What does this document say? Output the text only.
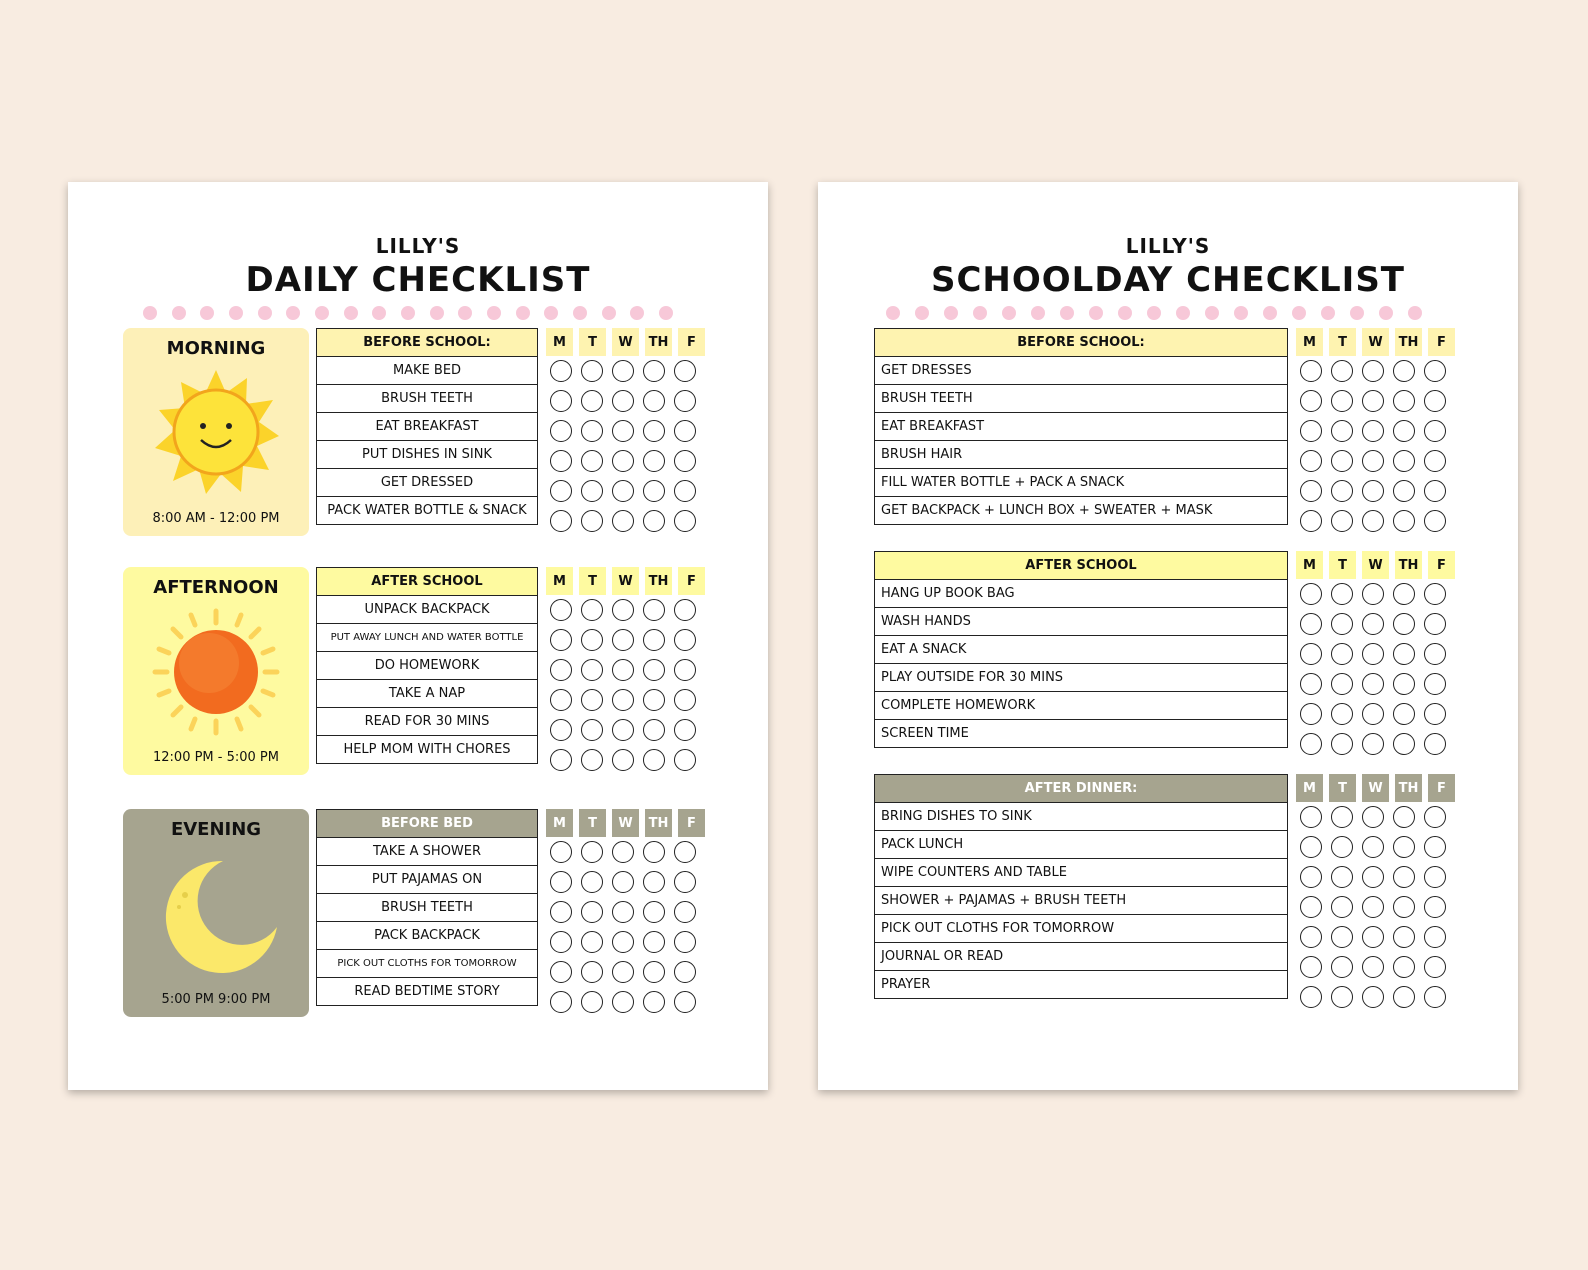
LILLY'S
DAILY CHECKLIST
MORNING
8:00 AM - 12:00 PM
BEFORE SCHOOL:
MAKE BED
BRUSH TEETH
EAT BREAKFAST
PUT DISHES IN SINK
GET DRESSED
PACK WATER BOTTLE & SNACK
M	T	W	TH	F
AFTERNOON
12:00 PM - 5:00 PM
AFTER SCHOOL
UNPACK BACKPACK
PUT AWAY LUNCH AND WATER BOTTLE
DO HOMEWORK
TAKE A NAP
READ FOR 30 MINS
HELP MOM WITH CHORES
M	T	W	TH	F
EVENING
5:00 PM 9:00 PM
BEFORE BED
TAKE A SHOWER
PUT PAJAMAS ON
BRUSH TEETH
PACK BACKPACK
PICK OUT CLOTHS FOR TOMORROW
READ BEDTIME STORY
M	T	W	TH	F
LILLY'S
SCHOOLDAY CHECKLIST
BEFORE SCHOOL:
GET DRESSES
BRUSH TEETH
EAT BREAKFAST
BRUSH HAIR
FILL WATER BOTTLE + PACK A SNACK
GET BACKPACK + LUNCH BOX + SWEATER + MASK
M	T	W	TH	F
AFTER SCHOOL
HANG UP BOOK BAG
WASH HANDS
EAT A SNACK
PLAY OUTSIDE FOR 30 MINS
COMPLETE HOMEWORK
SCREEN TIME
M	T	W	TH	F
AFTER DINNER:
BRING DISHES TO SINK
PACK LUNCH
WIPE COUNTERS AND TABLE
SHOWER + PAJAMAS + BRUSH TEETH
PICK OUT CLOTHS FOR TOMORROW
JOURNAL OR READ
PRAYER
M	T	W	TH	F
